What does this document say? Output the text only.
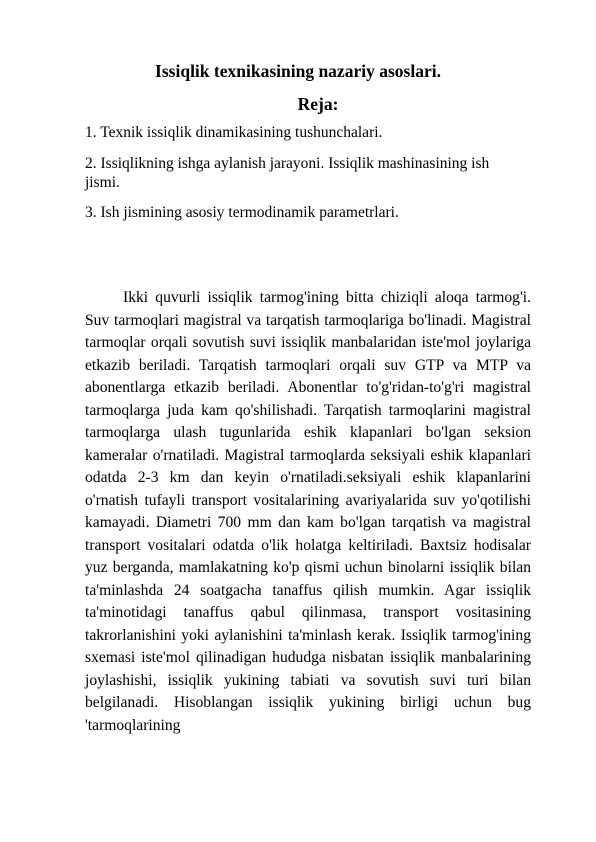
Issiqlik texnikasining nazariy asoslari.
Reja:
1. Texnik issiqlik dinamikasining tushunchalari.
2. Issiqlikning ishga aylanish jarayoni. Issiqlik mashinasining ish jismi.
3. Ish jismining asosiy termodinamik parametrlari.

Ikki quvurli issiqlik tarmog'ining bitta chiziqli aloqa tarmog'i. Suv tarmoqlari magistral va tarqatish tarmoqlariga bo'linadi. Magistral tarmoqlar orqali sovutish suvi issiqlik manbalaridan iste'mol joylariga etkazib beriladi. Tarqatish tarmoqlari orqali suv GTP va MTP va abonentlarga etkazib beriladi. Abonentlar to'g'ridan-to'g'ri magistral tarmoqlarga juda kam qo'shilishadi. Tarqatish tarmoqlarini magistral tarmoqlarga ulash tugunlarida eshik klapanlari bo'lgan seksion kameralar o'rnatiladi. Magistral tarmoqlarda seksiyali eshik klapanlari odatda 2-3 km dan keyin o'rnatiladi.seksiyali eshik klapanlarini o'rnatish tufayli transport vositalarining avariyalarida suv yo'qotilishi kamayadi. Diametri 700 mm dan kam bo'lgan tarqatish va magistral transport vositalari odatda o'lik holatga keltiriladi. Baxtsiz hodisalar yuz berganda, mamlakatning ko'p qismi uchun binolarni issiqlik bilan ta'minlashda 24 soatgacha tanaffus qilish mumkin. Agar issiqlik ta'minotidagi tanaffus qabul qilinmasa, transport vositasining takrorlanishini yoki aylanishini ta'minlash kerak. Issiqlik tarmog'ining sxemasi iste'mol qilinadigan hududga nisbatan issiqlik manbalarining joylashishi, issiqlik yukining tabiati va sovutish suvi turi bilan belgilanadi. Hisoblangan issiqlik yukining birligi uchun bug 'tarmoqlarining
